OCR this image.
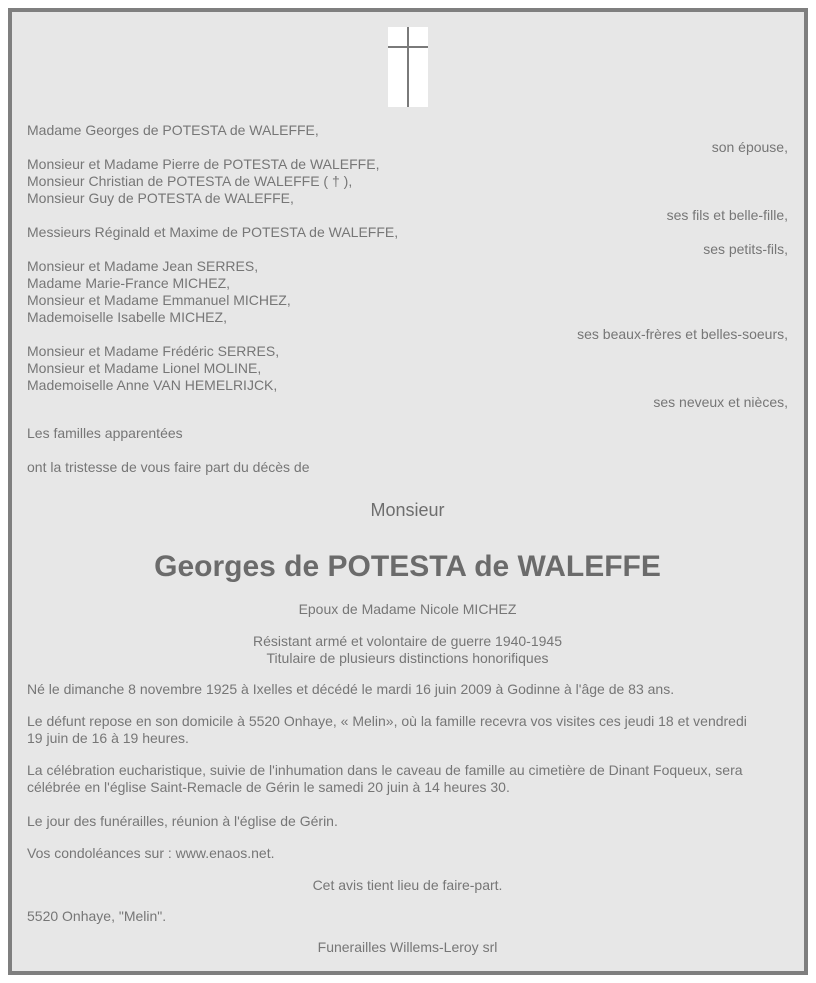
Madame Georges de POTESTA de WALEFFE,
son épouse,
Monsieur et Madame Pierre de POTESTA de WALEFFE,
Monsieur Christian de POTESTA de WALEFFE ( † ),
Monsieur Guy de POTESTA de WALEFFE,
ses fils et belle-fille,
Messieurs Réginald et Maxime de POTESTA de WALEFFE,
ses petits-fils,
Monsieur et Madame Jean SERRES,
Madame Marie-France MICHEZ,
Monsieur et Madame Emmanuel MICHEZ,
Mademoiselle Isabelle MICHEZ,
ses beaux-frères et belles-soeurs,
Monsieur et Madame Frédéric SERRES,
Monsieur et Madame Lionel MOLINE,
Mademoiselle Anne VAN HEMELRIJCK,
ses neveux et nièces,
Les familles apparentées
ont la tristesse de vous faire part du décès de
Monsieur
Georges de POTESTA de WALEFFE
Epoux de Madame Nicole MICHEZ
Résistant armé et volontaire de guerre 1940-1945
Titulaire de plusieurs distinctions honorifiques
Né le dimanche 8 novembre 1925 à Ixelles et décédé le mardi 16 juin 2009 à Godinne à l'âge de 83 ans.
Le défunt repose en son domicile à 5520 Onhaye, « Melin», où la famille recevra vos visites ces jeudi 18 et vendredi
19 juin de 16 à 19 heures.
La célébration eucharistique, suivie de l'inhumation dans le caveau de famille au cimetière de Dinant Foqueux, sera
célébrée en l'église Saint-Remacle de Gérin le samedi 20 juin à 14 heures 30.
Le jour des funérailles, réunion à l'église de Gérin.
Vos condoléances sur : www.enaos.net.
Cet avis tient lieu de faire-part.
5520 Onhaye, "Melin".
Funerailles Willems-Leroy srl
